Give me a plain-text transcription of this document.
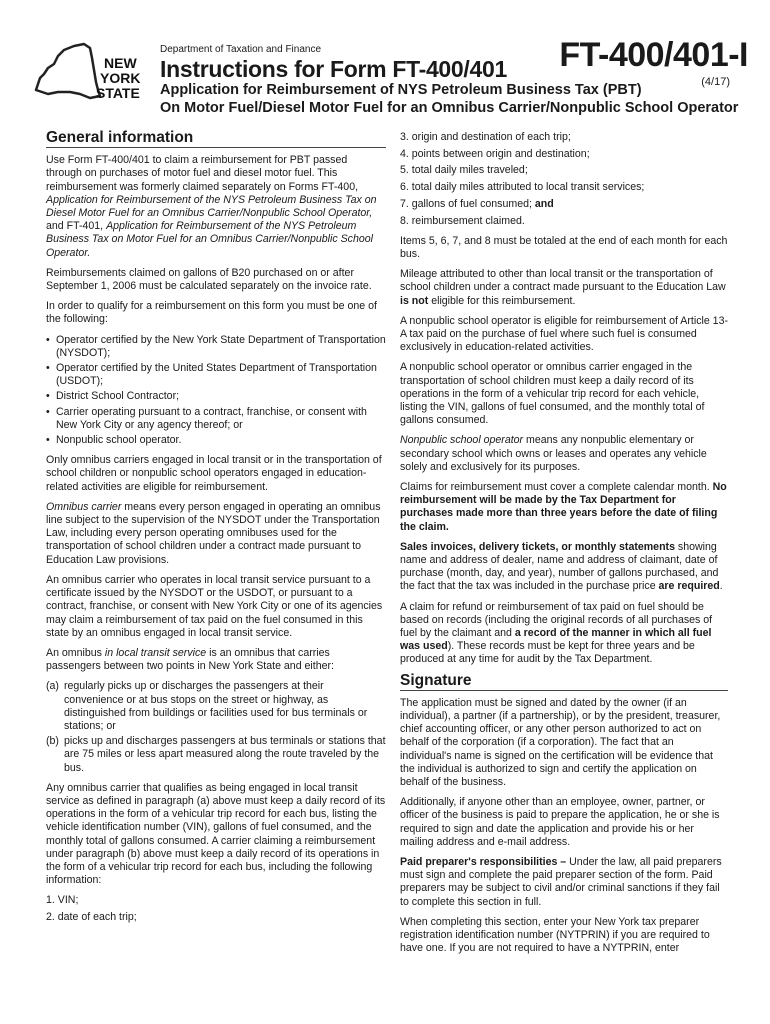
NEW
YORK
STATE
Department of Taxation and Finance
Instructions for Form FT-400/401 FT-400/401-I
(4/17)
Application for Reimbursement of NYS Petroleum Business Tax (PBT)
On Motor Fuel/Diesel Motor Fuel for an Omnibus Carrier/Nonpublic School Operator
General information

Use Form FT-400/401 to claim a reimbursement for PBT passed through on purchases of motor fuel and diesel motor fuel. This reimbursement was formerly claimed separately on Forms FT-400, Application for Reimbursement of the NYS Petroleum Business Tax on Diesel Motor Fuel for an Omnibus Carrier/Nonpublic School Operator, and FT-401, Application for Reimbursement of the NYS Petroleum Business Tax on Motor Fuel for an Omnibus Carrier/Nonpublic School Operator.

Reimbursements claimed on gallons of B20 purchased on or after September 1, 2006 must be calculated separately on the invoice rate.

In order to qualify for a reimbursement on this form you must be one of the following:

• Operator certified by the New York State Department of Transportation (NYSDOT);
• Operator certified by the United States Department of Transportation (USDOT);
• District School Contractor;
• Carrier operating pursuant to a contract, franchise, or consent with New York City or any agency thereof; or
• Nonpublic school operator.

Only omnibus carriers engaged in local transit or in the transportation of school children or nonpublic school operators engaged in education-related activities are eligible for reimbursement.

Omnibus carrier means every person engaged in operating an omnibus line subject to the supervision of the NYSDOT under the Transportation Law, including every person operating omnibuses used for the transportation of school children under a contract made pursuant to Education Law provisions.

An omnibus carrier who operates in local transit service pursuant to a certificate issued by the NYSDOT or the USDOT, or pursuant to a contract, franchise, or consent with New York City or one of its agencies may claim a reimbursement of tax paid on the fuel consumed in this state by an omnibus engaged in local transit service.

An omnibus in local transit service is an omnibus that carries passengers between two points in New York State and either:

(a) regularly picks up or discharges the passengers at their convenience or at bus stops on the street or highway, as distinguished from buildings or facilities used for bus terminals or stations; or
(b) picks up and discharges passengers at bus terminals or stations that are 75 miles or less apart measured along the route traveled by the bus.

Any omnibus carrier that qualifies as being engaged in local transit service as defined in paragraph (a) above must keep a daily record of its operations in the form of a vehicular trip record for each bus, listing the vehicle identification number (VIN), gallons of fuel consumed, and the monthly total of gallons consumed. A carrier claiming a reimbursement under paragraph (b) above must keep a daily record of its operations in the form of a vehicular trip record for each bus, including the following information:

1. VIN;
2. date of each trip;
3. origin and destination of each trip;
4. points between origin and destination;
5. total daily miles traveled;
6. total daily miles attributed to local transit services;
7. gallons of fuel consumed; and
8. reimbursement claimed.

Items 5, 6, 7, and 8 must be totaled at the end of each month for each bus.

Mileage attributed to other than local transit or the transportation of school children under a contract made pursuant to the Education Law is not eligible for this reimbursement.

A nonpublic school operator is eligible for reimbursement of Article 13-A tax paid on the purchase of fuel where such fuel is consumed exclusively in education-related activities.

A nonpublic school operator or omnibus carrier engaged in the transportation of school children must keep a daily record of its operations in the form of a vehicular trip record for each vehicle, listing the VIN, gallons of fuel consumed, and the monthly total of gallons consumed.

Nonpublic school operator means any nonpublic elementary or secondary school which owns or leases and operates any vehicle solely and exclusively for its purposes.

Claims for reimbursement must cover a complete calendar month. No reimbursement will be made by the Tax Department for purchases made more than three years before the date of filing the claim.

Sales invoices, delivery tickets, or monthly statements showing name and address of dealer, name and address of claimant, date of purchase (month, day, and year), number of gallons purchased, and the fact that the tax was included in the purchase price are required.

A claim for refund or reimbursement of tax paid on fuel should be based on records (including the original records of all purchases of fuel by the claimant and a record of the manner in which all fuel was used). These records must be kept for three years and be produced at any time for audit by the Tax Department.

Signature

The application must be signed and dated by the owner (if an individual), a partner (if a partnership), or by the president, treasurer, chief accounting officer, or any other person authorized to act on behalf of the corporation (if a corporation). The fact that an individual's name is signed on the certification will be evidence that the individual is authorized to sign and certify the application on behalf of the business.

Additionally, if anyone other than an employee, owner, partner, or officer of the business is paid to prepare the application, he or she is required to sign and date the application and provide his or her mailing address and e-mail address.

Paid preparer's responsibilities – Under the law, all paid preparers must sign and complete the paid preparer section of the form. Paid preparers may be subject to civil and/or criminal sanctions if they fail to complete this section in full.

When completing this section, enter your New York tax preparer registration identification number (NYTPRIN) if you are required to have one. If you are not required to have a NYTPRIN, enter
